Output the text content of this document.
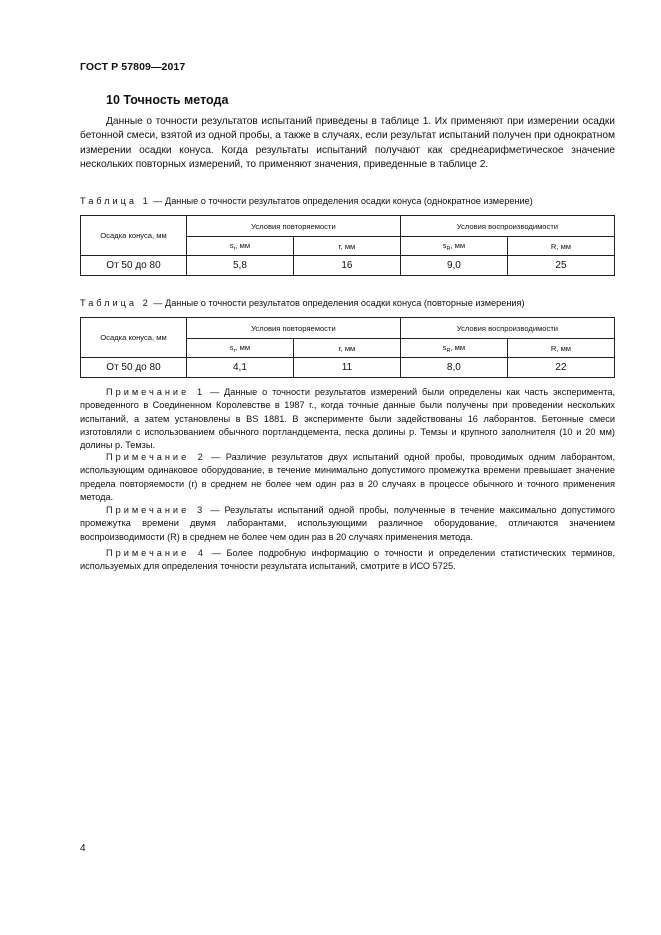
ГОСТ Р 57809—2017
10 Точность метода
Данные о точности результатов испытаний приведены в таблице 1. Их применяют при измерении осадки бетонной смеси, взятой из одной пробы, а также в случаях, если результат испытаний получен при однократном измерении осадки конуса. Когда результаты испытаний получают как среднеарифметическое значение нескольких повторных измерений, то применяют значения, приведенные в таблице 2.
Таблица 1 — Данные о точности результатов определения осадки конуса (однократное измерение)
Осадка конуса, мм	Условия повторяемости		Условия воспроизводимости	
	$s_r$, мм	r, мм	$s_R$, мм	R, мм
От 50 до 80	5,8	16	9,0	25
Таблица 2 — Данные о точности результатов определения осадки конуса (повторные измерения)
Осадка конуса, мм	Условия повторяемости		Условия воспроизводимости	
	$s_r$, мм	r, мм	$s_R$, мм	R, мм
От 50 до 80	4,1	11	8,0	22
Примечание 1 — Данные о точности результатов измерений были определены как часть эксперимента, проведенного в Соединенном Королевстве в 1987 г., когда точные данные были получены при проведении нескольких испытаний, а затем установлены в BS 1881. В эксперименте были задействованы 16 лаборантов. Бетонные смеси изготовляли с использованием обычного портландцемента, песка долины р. Темзы и крупного заполнителя (10 и 20 мм) долины р. Темзы.
Примечание 2 — Различие результатов двух испытаний одной пробы, проводимых одним лаборантом, использующим одинаковое оборудование, в течение минимально допустимого промежутка времени превышает значение предела повторяемости (r) в среднем не более чем один раз в 20 случаях в процессе обычного и точного применения метода.
Примечание 3 — Результаты испытаний одной пробы, полученные в течение максимально допустимого промежутка времени двумя лаборантами, использующими различное оборудование, отличаются значением воспроизводимости (R) в среднем не более чем один раз в 20 случаях применения метода.
Примечание 4 — Более подробную информацию о точности и определении статистических терминов, используемых для определения точности результата испытаний, смотрите в ИСО 5725.
4
